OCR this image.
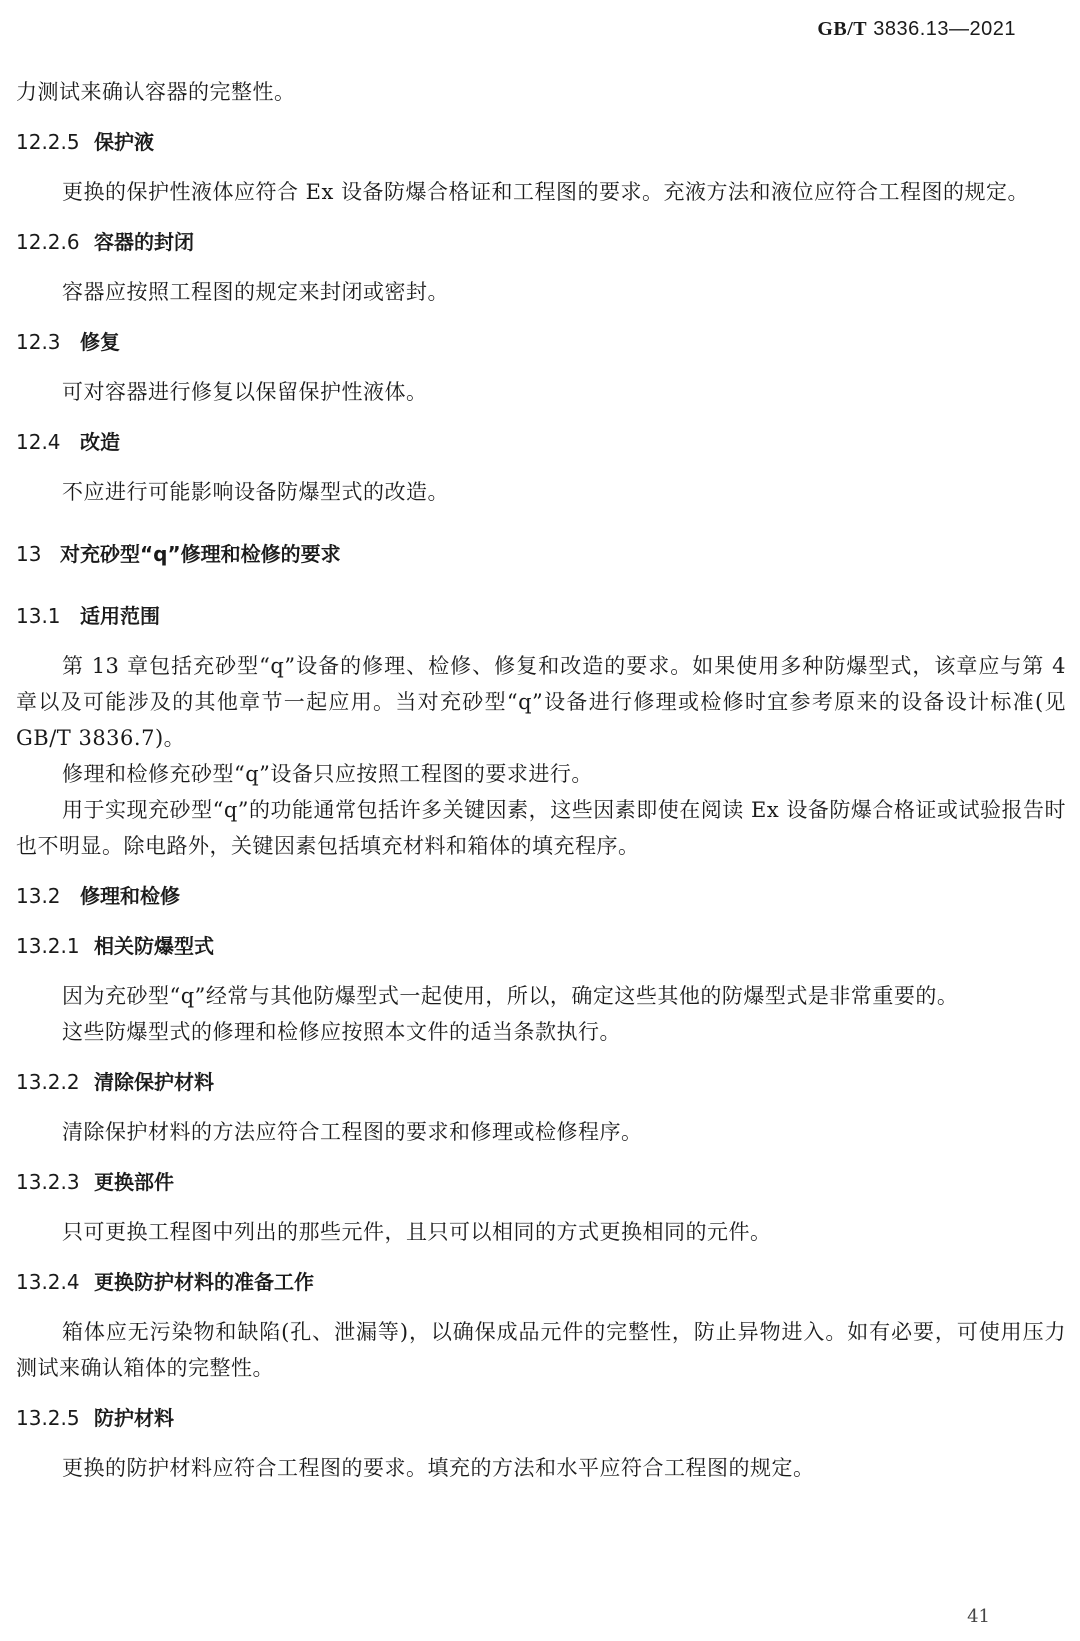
GB/T 3836.13—2021

力测试来确认容器的完整性。

12.2.5 保护液

更换的保护性液体应符合 Ex 设备防爆合格证和工程图的要求。充液方法和液位应符合工程图的规定。

12.2.6 容器的封闭

容器应按照工程图的规定来封闭或密封。

12.3 修复

可对容器进行修复以保留保护性液体。

12.4 改造

不应进行可能影响设备防爆型式的改造。

13 对充砂型“q”修理和检修的要求
13.1 适用范围

第 13 章包括充砂型“q”设备的修理、检修、修复和改造的要求。如果使用多种防爆型式，该章应与第 4 章以及可能涉及的其他章节一起应用。当对充砂型“q”设备进行修理或检修时宜参考原来的设备设计标准(见 GB/T 3836.7)。

修理和检修充砂型“q”设备只应按照工程图的要求进行。

用于实现充砂型“q”的功能通常包括许多关键因素，这些因素即使在阅读 Ex 设备防爆合格证或试验报告时也不明显。除电路外，关键因素包括填充材料和箱体的填充程序。

13.2 修理和检修
13.2.1 相关防爆型式

因为充砂型“q”经常与其他防爆型式一起使用，所以，确定这些其他的防爆型式是非常重要的。

这些防爆型式的修理和检修应按照本文件的适当条款执行。

13.2.2 清除保护材料

清除保护材料的方法应符合工程图的要求和修理或检修程序。

13.2.3 更换部件

只可更换工程图中列出的那些元件，且只可以相同的方式更换相同的元件。

13.2.4 更换防护材料的准备工作

箱体应无污染物和缺陷(孔、泄漏等)，以确保成品元件的完整性，防止异物进入。如有必要，可使用压力测试来确认箱体的完整性。

13.2.5 防护材料

更换的防护材料应符合工程图的要求。填充的方法和水平应符合工程图的规定。

41
